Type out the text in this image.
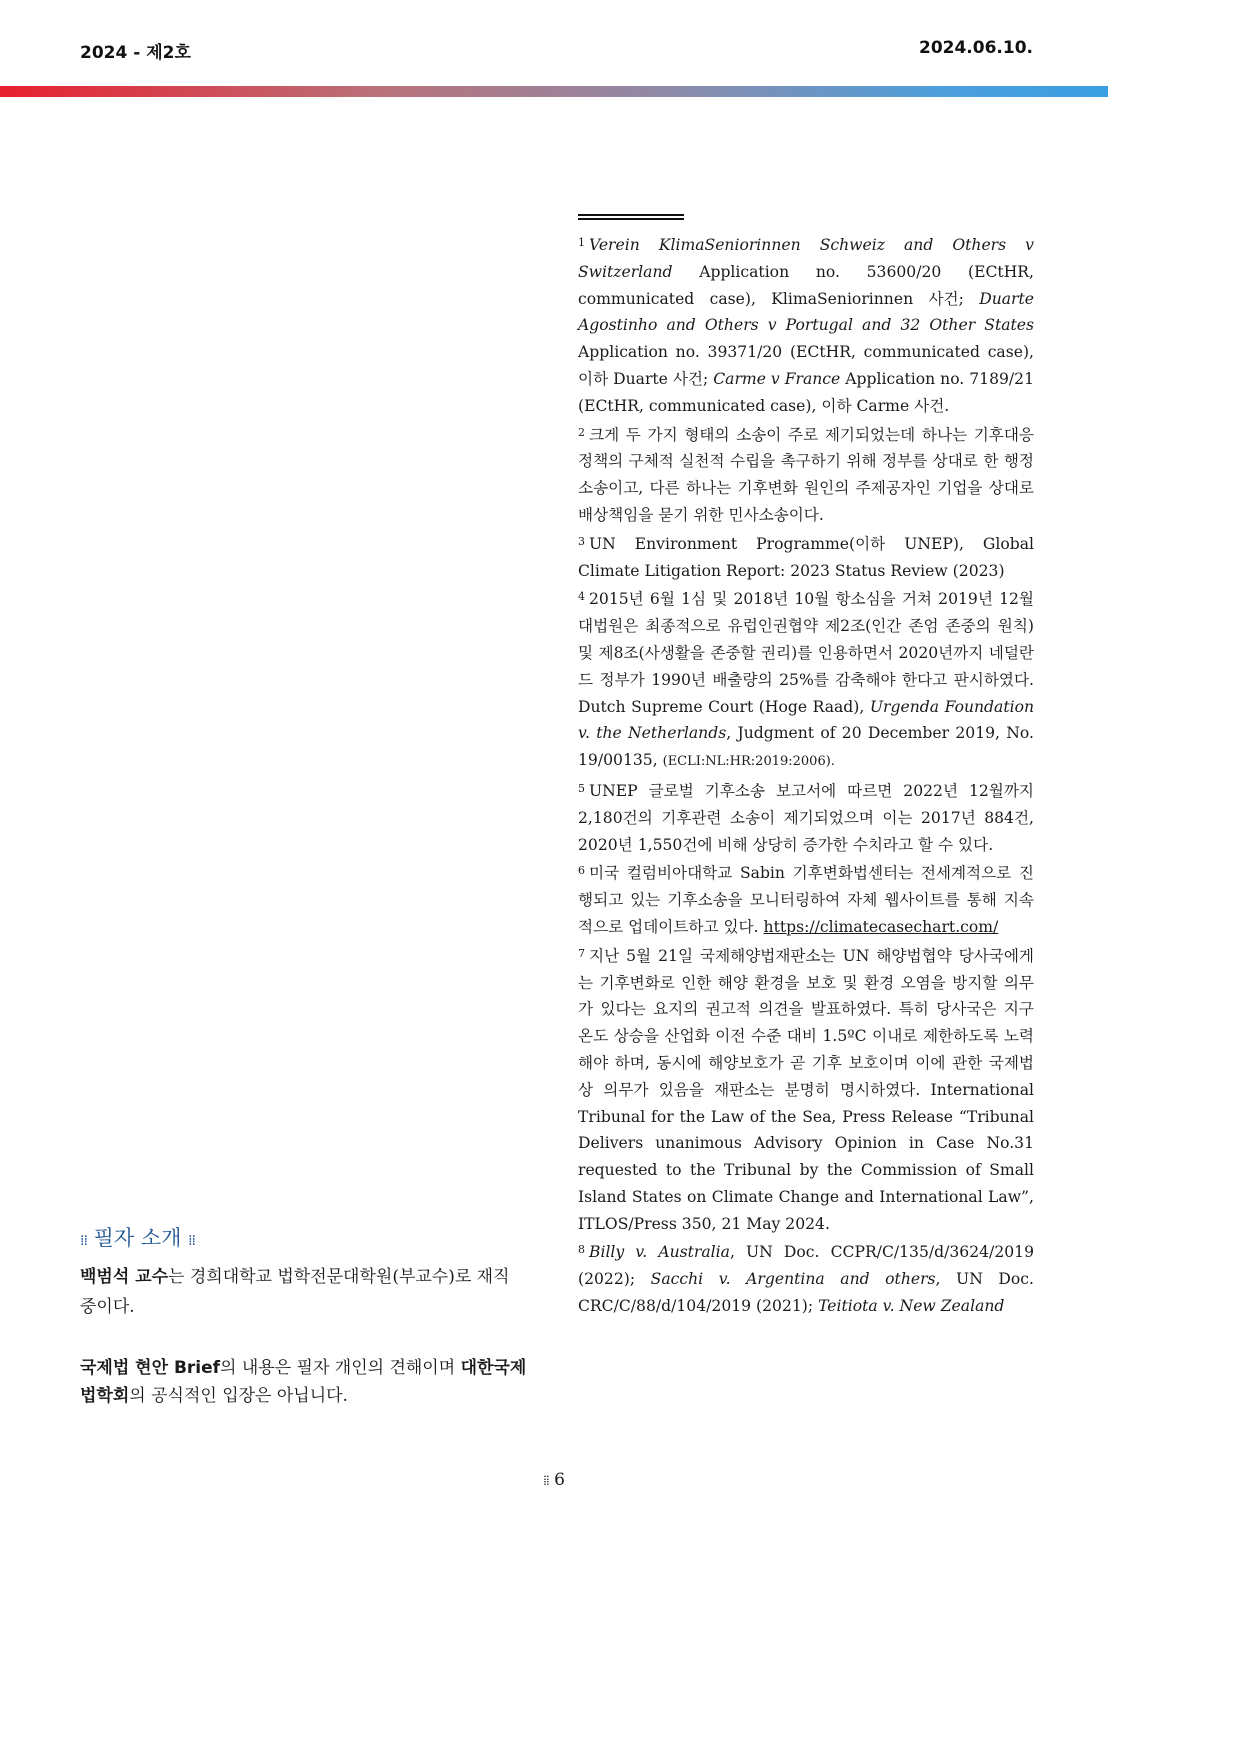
2024 - 제2호	2024.06.10.

$^1$ Verein KlimaSeniorinnen Schweiz and Others v Switzerland Application no. 53600/20 (ECtHR, communicated case), KlimaSeniorinnen 사건; Duarte Agostinho and Others v Portugal and 32 Other States Application no. 39371/20 (ECtHR, communicated case), 이하 Duarte 사건; Carme v France Application no. 7189/21 (ECtHR, communicated case), 이하 Carme 사건.

$^2$ 크게 두 가지 형태의 소송이 주로 제기되었는데 하나는 기후대응정책의 구체적 실천적 수립을 촉구하기 위해 정부를 상대로 한 행정소송이고, 다른 하나는 기후변화 원인의 주제공자인 기업을 상대로 배상책임을 묻기 위한 민사소송이다.

$^3$ UN Environment Programme(이하 UNEP), Global Climate Litigation Report: 2023 Status Review (2023)

$^4$ 2015년 6월 1심 및 2018년 10월 항소심을 거쳐 2019년 12월 대법원은 최종적으로 유럽인권협약 제2조(인간 존엄 존중의 원칙) 및 제8조(사생활을 존중할 권리)를 인용하면서 2020년까지 네덜란드 정부가 1990년 배출량의 25%를 감축해야 한다고 판시하였다. Dutch Supreme Court (Hoge Raad), Urgenda Foundation v. the Netherlands, Judgment of 20 December 2019, No. 19/00135, (ECLI:NL:HR:2019:2006).

$^5$ UNEP 글로벌 기후소송 보고서에 따르면 2022년 12월까지 2,180건의 기후관련 소송이 제기되었으며 이는 2017년 884건, 2020년 1,550건에 비해 상당히 증가한 수치라고 할 수 있다.

$^6$ 미국 컬럼비아대학교 Sabin 기후변화법센터는 전세계적으로 진행되고 있는 기후소송을 모니터링하여 자체 웹사이트를 통해 지속적으로 업데이트하고 있다. https://climatecasechart.com/

$^7$ 지난 5월 21일 국제해양법재판소는 UN 해양법협약 당사국에게는 기후변화로 인한 해양 환경을 보호 및 환경 오염을 방지할 의무가 있다는 요지의 권고적 의견을 발표하였다. 특히 당사국은 지구 온도 상승을 산업화 이전 수준 대비 1.5ºC 이내로 제한하도록 노력해야 하며, 동시에 해양보호가 곧 기후 보호이며 이에 관한 국제법상 의무가 있음을 재판소는 분명히 명시하였다. International Tribunal for the Law of the Sea, Press Release “Tribunal Delivers unanimous Advisory Opinion in Case No.31 requested to the Tribunal by the Commission of Small Island States on Climate Change and International Law”, ITLOS/Press 350, 21 May 2024.

$^8$ Billy v. Australia, UN Doc. CCPR/C/135/d/3624/2019 (2022); Sacchi v. Argentina and others, UN Doc. CRC/C/88/d/104/2019 (2021); Teitiota v. New Zealand

⁞⁞ 필자 소개 ⁞⁞
백범석 교수는 경희대학교 법학전문대학원(부교수)로 재직 중이다.
국제법 현안 Brief의 내용은 필자 개인의 견해이며 대한국제법학회의 공식적인 입장은 아닙니다.
⁞⁞ 6
